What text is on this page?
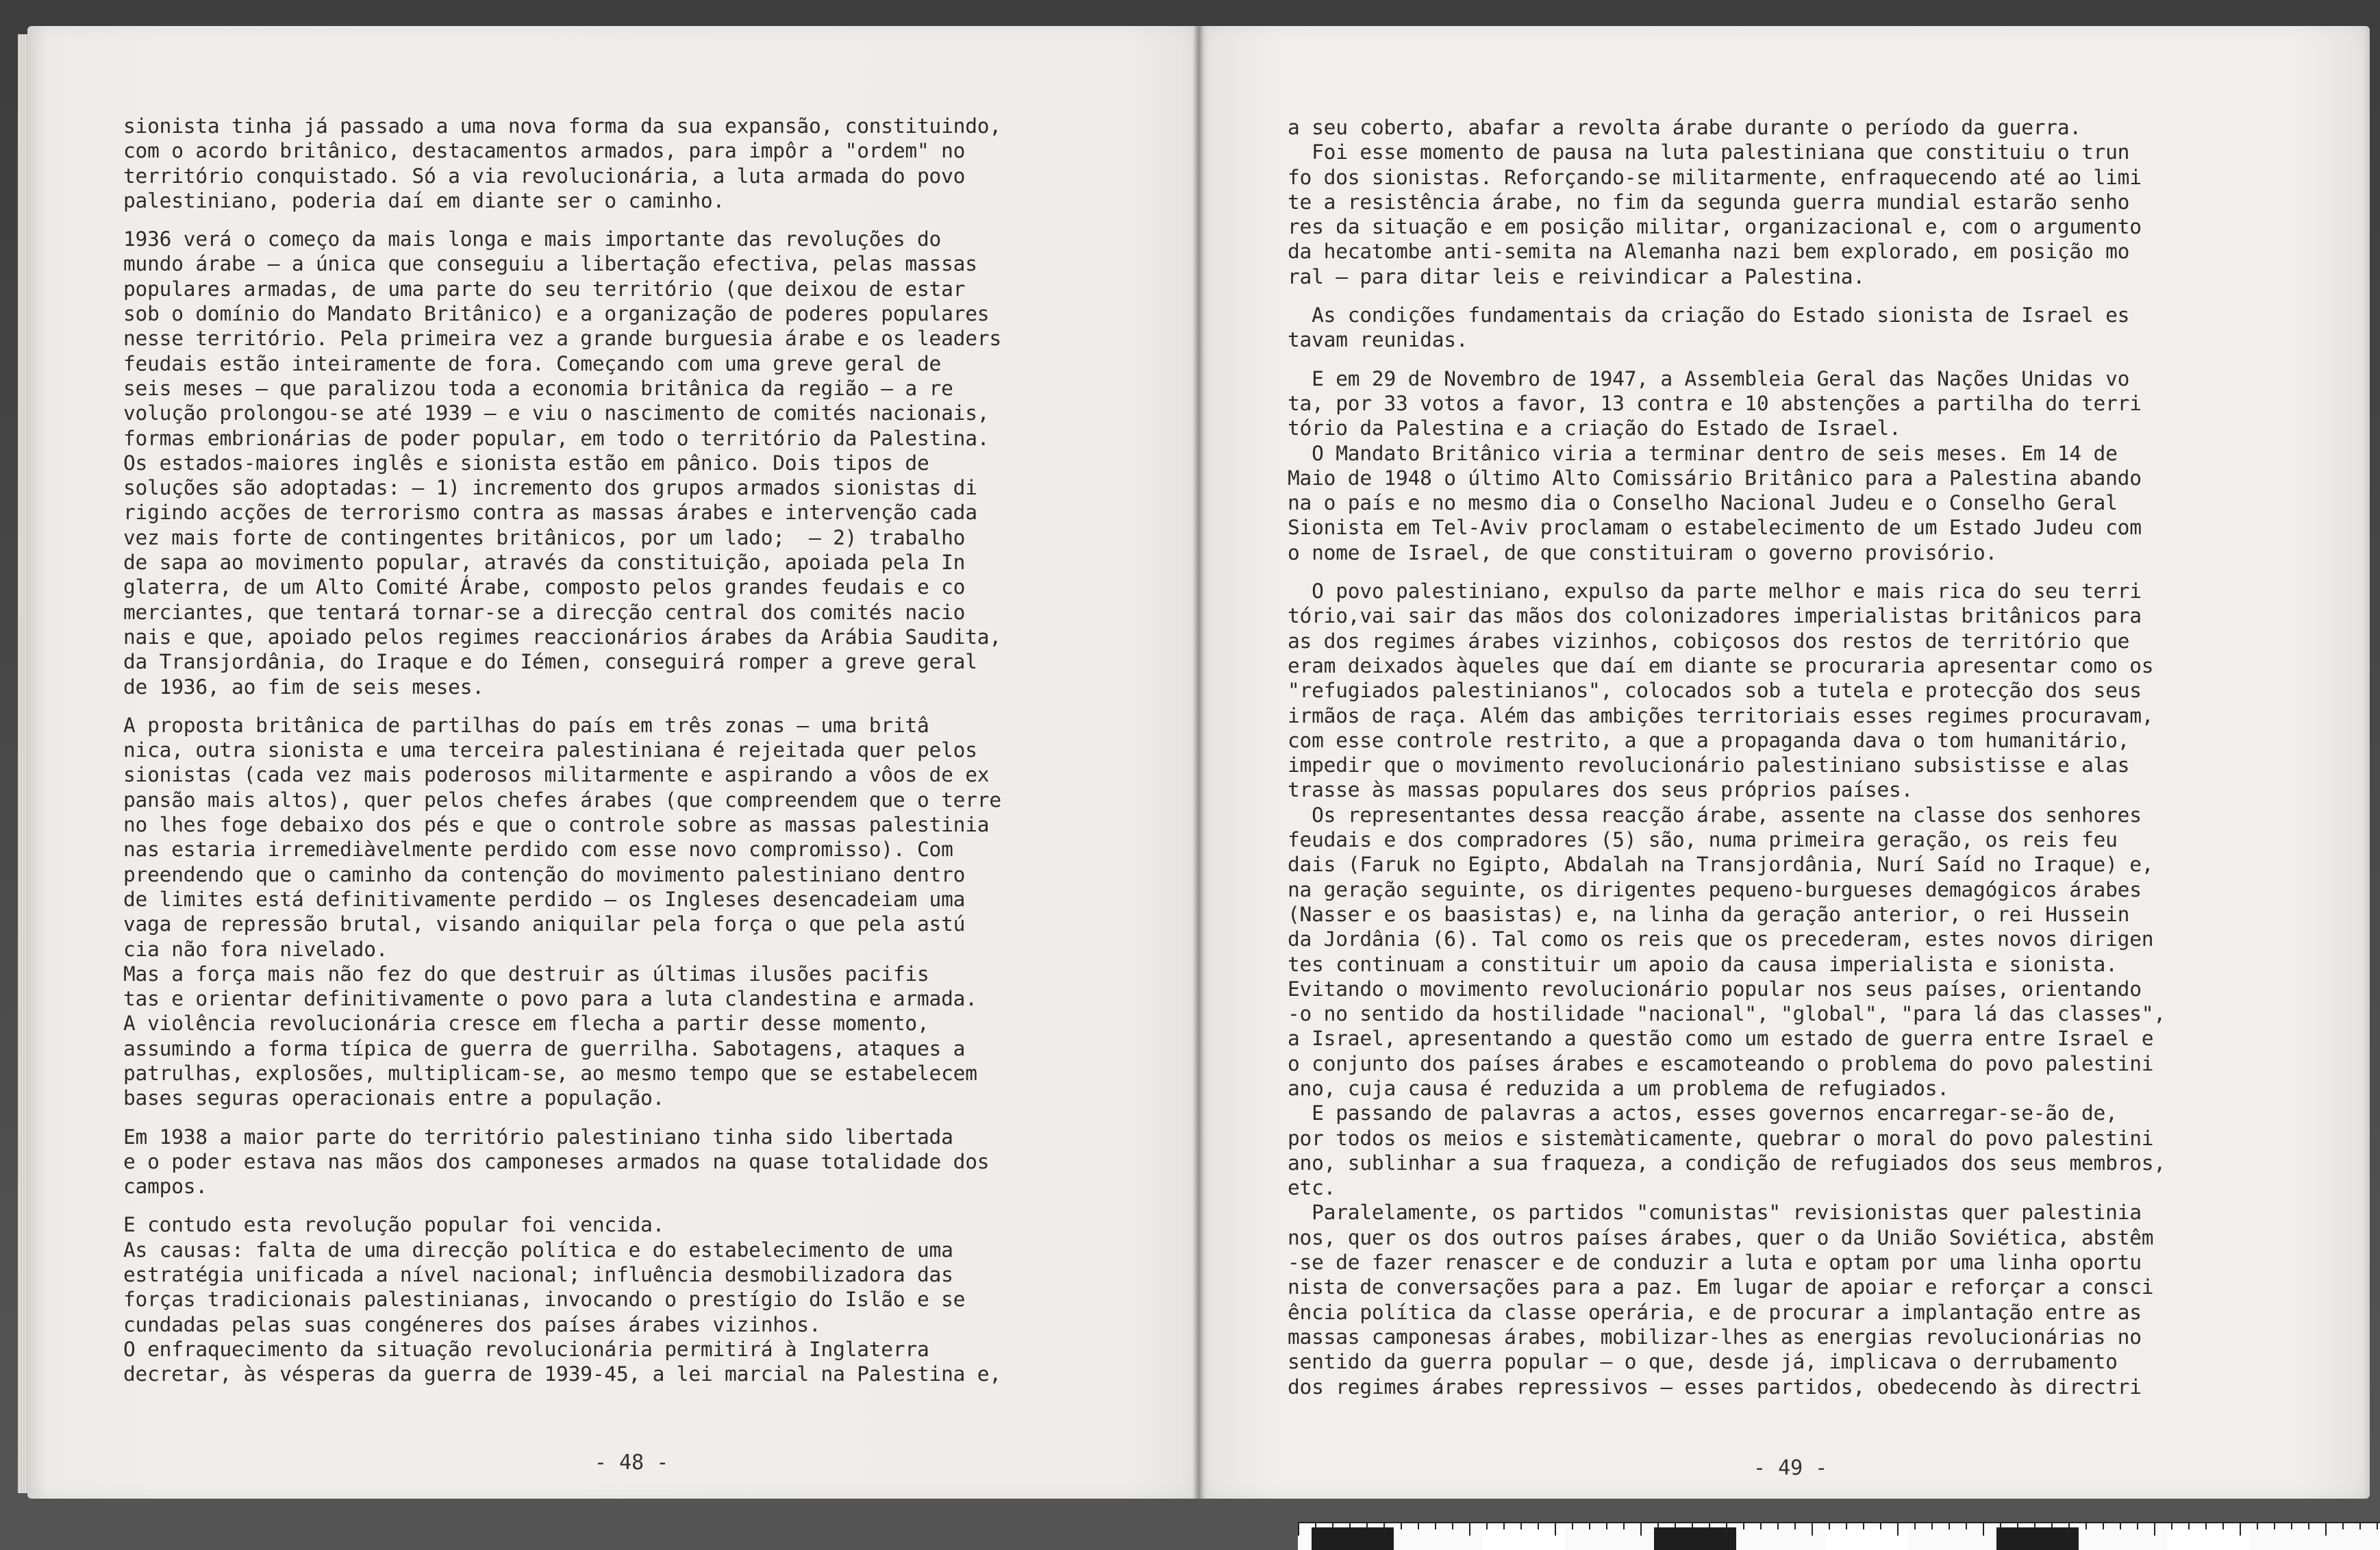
sionista tinha já passado a uma nova forma da sua expansão, constituindo,
com o acordo britânico, destacamentos armados, para impôr a "ordem" no
território conquistado. Só a via revolucionária, a luta armada do povo
palestiniano, poderia daí em diante ser o caminho.
1936 verá o começo da mais longa e mais importante das revoluções do
mundo árabe — a única que conseguiu a libertação efectiva, pelas massas
populares armadas, de uma parte do seu território (que deixou de estar
sob o domínio do Mandato Britânico) e a organização de poderes populares
nesse território. Pela primeira vez a grande burguesia árabe e os leaders
feudais estão inteiramente de fora. Começando com uma greve geral de
seis meses — que paralizou toda a economia britânica da região — a re
volução prolongou-se até 1939 — e viu o nascimento de comités nacionais,
formas embrionárias de poder popular, em todo o território da Palestina.
Os estados-maiores inglês e sionista estão em pânico. Dois tipos de
soluções são adoptadas: — 1) incremento dos grupos armados sionistas di
rigindo acções de terrorismo contra as massas árabes e intervenção cada
vez mais forte de contingentes britânicos, por um lado;  — 2) trabalho
de sapa ao movimento popular, através da constituição, apoiada pela In
glaterra, de um Alto Comité Árabe, composto pelos grandes feudais e co
merciantes, que tentará tornar-se a direcção central dos comités nacio
nais e que, apoiado pelos regimes reaccionários árabes da Arábia Saudita,
da Transjordânia, do Iraque e do Iémen, conseguirá romper a greve geral
de 1936, ao fim de seis meses.
A proposta britânica de partilhas do país em três zonas — uma britâ
nica, outra sionista e uma terceira palestiniana é rejeitada quer pelos
sionistas (cada vez mais poderosos militarmente e aspirando a vôos de ex
pansão mais altos), quer pelos chefes árabes (que compreendem que o terre
no lhes foge debaixo dos pés e que o controle sobre as massas palestinia
nas estaria irremediàvelmente perdido com esse novo compromisso). Com
preendendo que o caminho da contenção do movimento palestiniano dentro
de limites está definitivamente perdido — os Ingleses desencadeiam uma
vaga de repressão brutal, visando aniquilar pela força o que pela astú
cia não fora nivelado.
Mas a força mais não fez do que destruir as últimas ilusões pacifis
tas e orientar definitivamente o povo para a luta clandestina e armada.
A violência revolucionária cresce em flecha a partir desse momento,
assumindo a forma típica de guerra de guerrilha. Sabotagens, ataques a
patrulhas, explosões, multiplicam-se, ao mesmo tempo que se estabelecem
bases seguras operacionais entre a população.
Em 1938 a maior parte do território palestiniano tinha sido libertada
e o poder estava nas mãos dos camponeses armados na quase totalidade dos
campos.
E contudo esta revolução popular foi vencida.
As causas: falta de uma direcção política e do estabelecimento de uma
estratégia unificada a nível nacional; influência desmobilizadora das
forças tradicionais palestinianas, invocando o prestígio do Islão e se
cundadas pelas suas congéneres dos países árabes vizinhos.
O enfraquecimento da situação revolucionária permitirá à Inglaterra
decretar, às vésperas da guerra de 1939-45, a lei marcial na Palestina e,
- 48 -
a seu coberto, abafar a revolta árabe durante o período da guerra.
Foi esse momento de pausa na luta palestiniana que constituiu o trun
fo dos sionistas. Reforçando-se militarmente, enfraquecendo até ao limi
te a resistência árabe, no fim da segunda guerra mundial estarão senho
res da situação e em posição militar, organizacional e, com o argumento
da hecatombe anti-semita na Alemanha nazi bem explorado, em posição mo
ral — para ditar leis e reivindicar a Palestina.
As condições fundamentais da criação do Estado sionista de Israel es
tavam reunidas.
E em 29 de Novembro de 1947, a Assembleia Geral das Nações Unidas vo
ta, por 33 votos a favor, 13 contra e 10 abstenções a partilha do terri
tório da Palestina e a criação do Estado de Israel.
O Mandato Britânico viria a terminar dentro de seis meses. Em 14 de
Maio de 1948 o último Alto Comissário Britânico para a Palestina abando
na o país e no mesmo dia o Conselho Nacional Judeu e o Conselho Geral
Sionista em Tel-Aviv proclamam o estabelecimento de um Estado Judeu com
o nome de Israel, de que constituiram o governo provisório.
O povo palestiniano, expulso da parte melhor e mais rica do seu terri
tório,vai sair das mãos dos colonizadores imperialistas britânicos para
as dos regimes árabes vizinhos, cobiçosos dos restos de território que
eram deixados àqueles que daí em diante se procuraria apresentar como os
"refugiados palestinianos", colocados sob a tutela e protecção dos seus
irmãos de raça. Além das ambições territoriais esses regimes procuravam,
com esse controle restrito, a que a propaganda dava o tom humanitário,
impedir que o movimento revolucionário palestiniano subsistisse e alas
trasse às massas populares dos seus próprios países.
Os representantes dessa reacção árabe, assente na classe dos senhores
feudais e dos compradores (5) são, numa primeira geração, os reis feu
dais (Faruk no Egipto, Abdalah na Transjordânia, Nurí Saíd no Iraque) e,
na geração seguinte, os dirigentes pequeno-burgueses demagógicos árabes
(Nasser e os baasistas) e, na linha da geração anterior, o rei Hussein
da Jordânia (6). Tal como os reis que os precederam, estes novos dirigen
tes continuam a constituir um apoio da causa imperialista e sionista.
Evitando o movimento revolucionário popular nos seus países, orientando
-o no sentido da hostilidade "nacional", "global", "para lá das classes",
a Israel, apresentando a questão como um estado de guerra entre Israel e
o conjunto dos países árabes e escamoteando o problema do povo palestini
ano, cuja causa é reduzida a um problema de refugiados.
E passando de palavras a actos, esses governos encarregar-se-ão de,
por todos os meios e sistemàticamente, quebrar o moral do povo palestini
ano, sublinhar a sua fraqueza, a condição de refugiados dos seus membros,
etc.
Paralelamente, os partidos "comunistas" revisionistas quer palestinia
nos, quer os dos outros países árabes, quer o da União Soviética, abstêm
-se de fazer renascer e de conduzir a luta e optam por uma linha oportu
nista de conversações para a paz. Em lugar de apoiar e reforçar a consci
ência política da classe operária, e de procurar a implantação entre as
massas camponesas árabes, mobilizar-lhes as energias revolucionárias no
sentido da guerra popular — o que, desde já, implicava o derrubamento
dos regimes árabes repressivos — esses partidos, obedecendo às directri
- 49 -
